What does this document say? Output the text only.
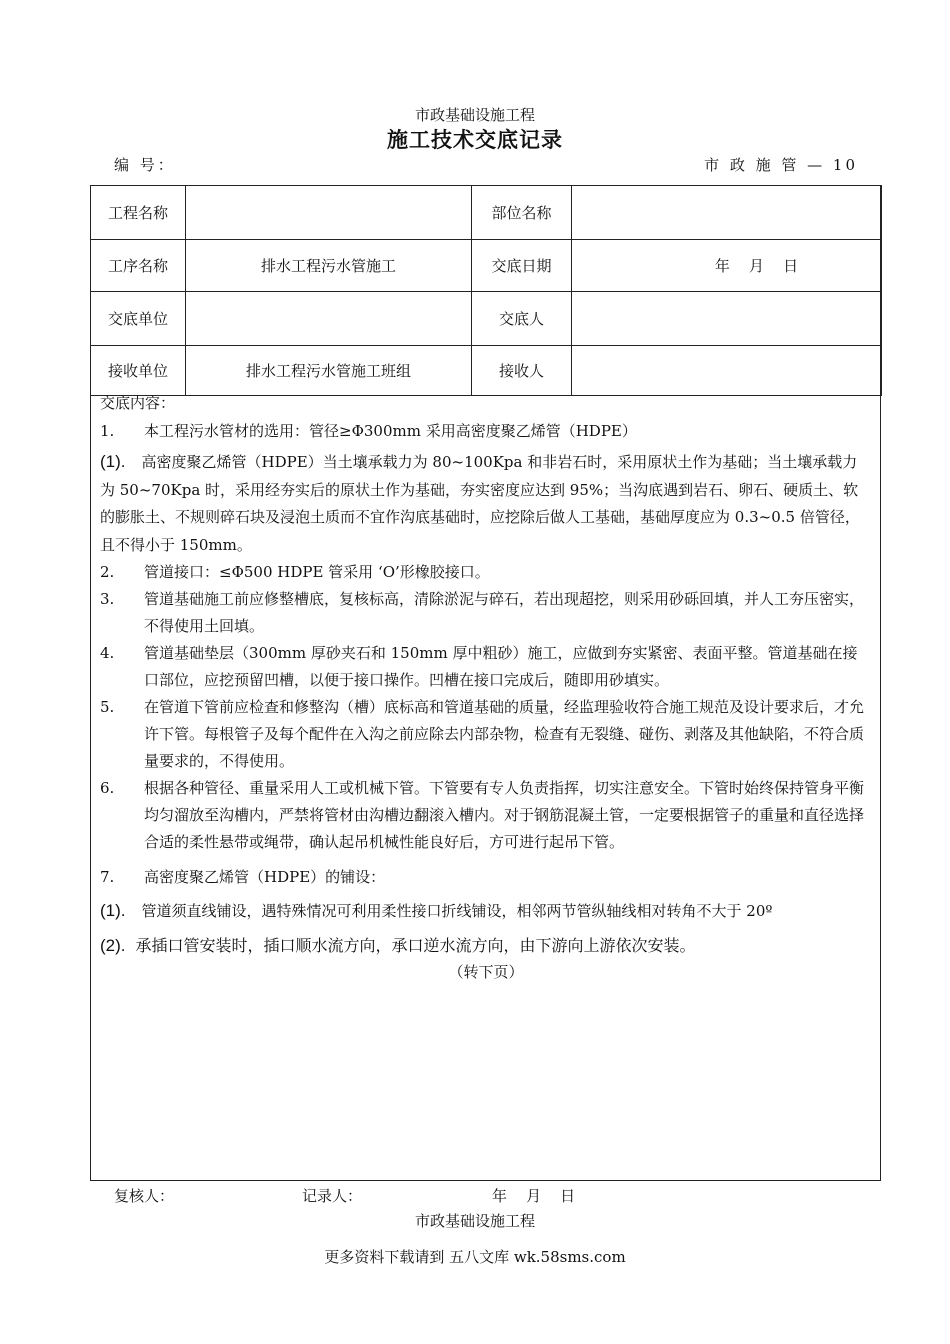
市政基础设施工程
施工技术交底记录
编 号：	市 政 施 管 — 10
工程名称		部位名称	
工序名称	排水工程污水管施工	交底日期	年    月    日
交底单位		交底人	
接收单位	排水工程污水管施工班组	接收人	

交底内容：

1.	本工程污水管材的选用：管径≥Φ300mm 采用高密度聚乙烯管（HDPE）

(1). 高密度聚乙烯管（HDPE）当土壤承载力为 80~100Kpa 和非岩石时，采用原状土作为基础；当土壤承载力为 50~70Kpa 时，采用经夯实后的原状土作为基础，夯实密度应达到 95%；当沟底遇到岩石、卵石、硬质土、软的膨胀土、不规则碎石块及浸泡土质而不宜作沟底基础时，应挖除后做人工基础，基础厚度应为 0.3~0.5 倍管径，且不得小于 150mm。

2.	管道接口：≤Φ500 HDPE 管采用 ‘O’形橡胶接口。
3.	管道基础施工前应修整槽底，复核标高，清除淤泥与碎石，若出现超挖，则采用砂砾回填，并人工夯压密实，不得使用土回填。
4.	管道基础垫层（300mm 厚砂夹石和 150mm 厚中粗砂）施工，应做到夯实紧密、表面平整。管道基础在接口部位，应挖预留凹槽，以便于接口操作。凹槽在接口完成后，随即用砂填实。
5.	在管道下管前应检查和修整沟（槽）底标高和管道基础的质量，经监理验收符合施工规范及设计要求后，才允许下管。每根管子及每个配件在入沟之前应除去内部杂物，检查有无裂缝、碰伤、剥落及其他缺陷，不符合质量要求的，不得使用。
6.	根据各种管径、重量采用人工或机械下管。下管要有专人负责指挥，切实注意安全。下管时始终保持管身平衡均匀溜放至沟槽内，严禁将管材由沟槽边翻滚入槽内。对于钢筋混凝土管，一定要根据管子的重量和直径选择合适的柔性悬带或绳带，确认起吊机械性能良好后，方可进行起吊下管。
7.	高密度聚乙烯管（HDPE）的铺设：

(1). 管道须直线铺设，遇特殊情况可利用柔性接口折线铺设，相邻两节管纵轴线相对转角不大于 20º

(2). 承插口管安装时，插口顺水流方向，承口逆水流方向，由下游向上游依次安装。

（转下页）

复核人：	记录人：	年    月    日
市政基础设施工程
更多资料下载请到 五八文库 wk.58sms.com
